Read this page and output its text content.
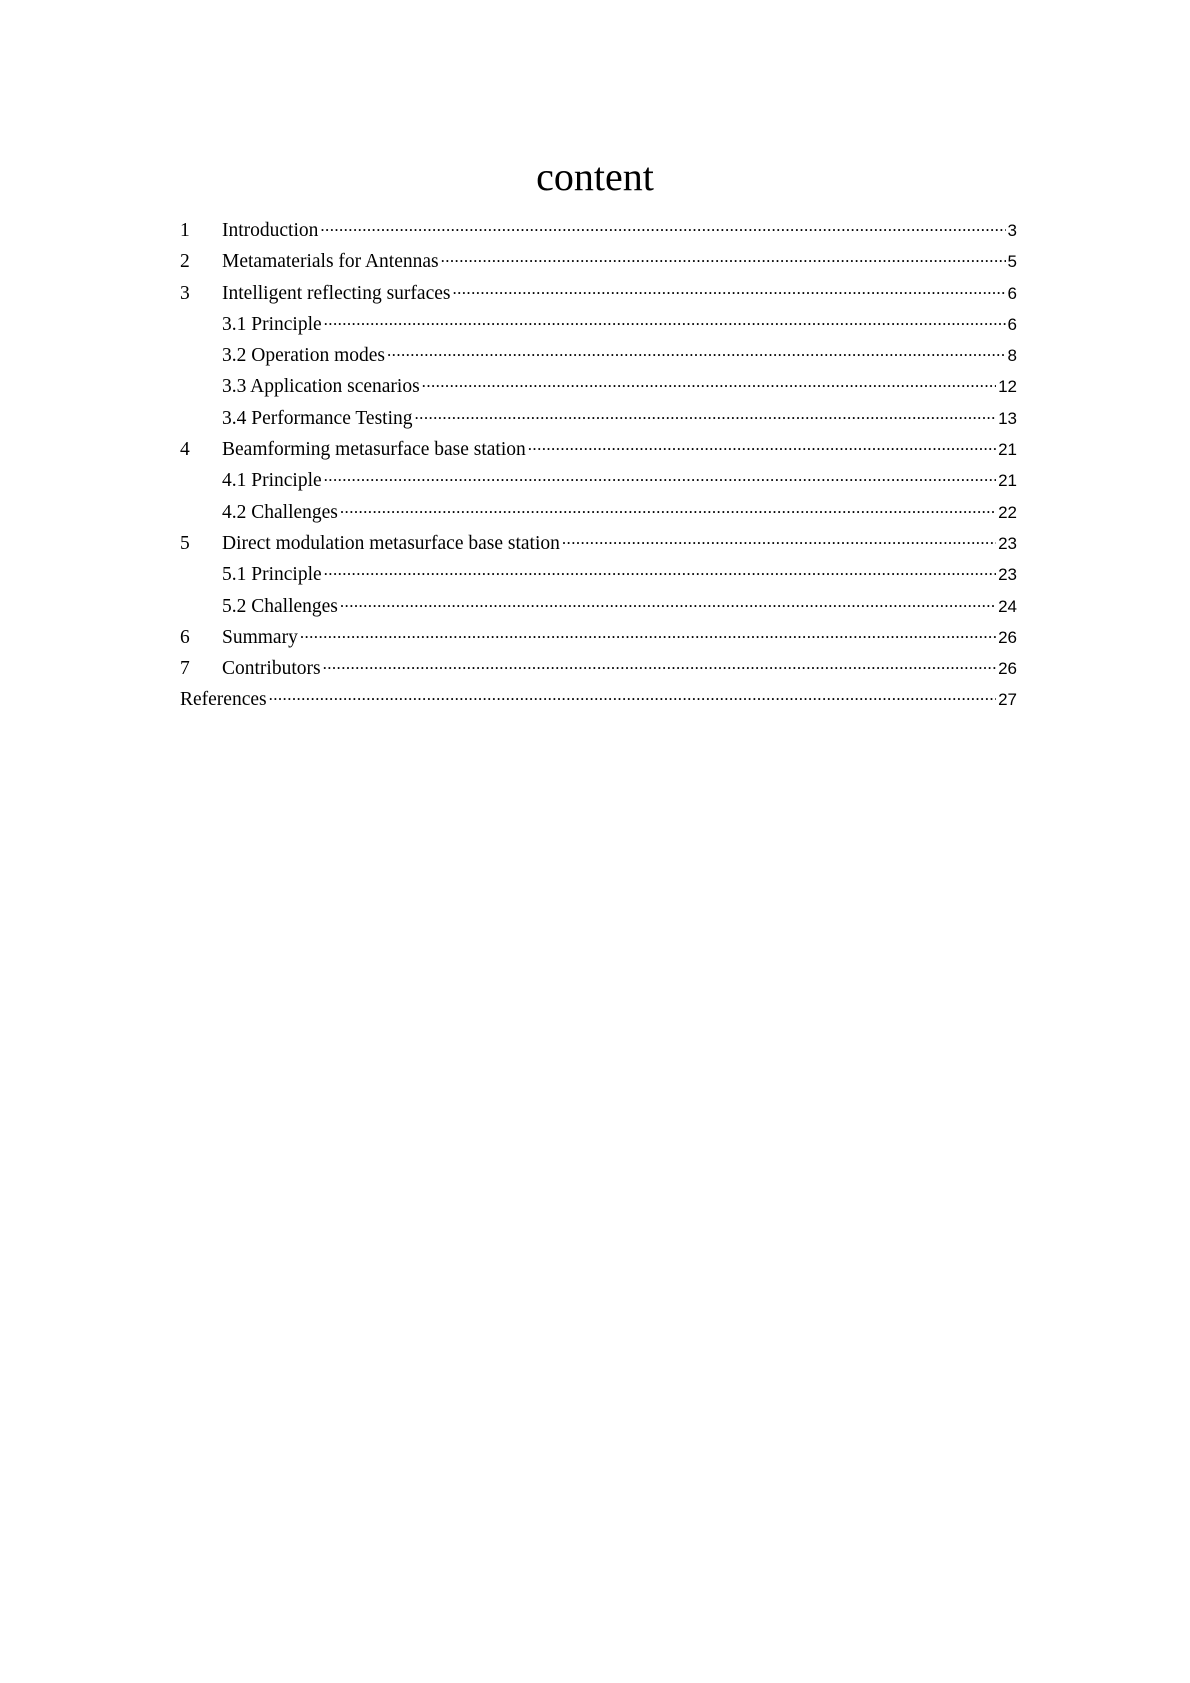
content
1	Introduction .....	3
2	Metamaterials for Antennas .....	5
3	Intelligent reflecting surfaces .....	6
3.1 Principle .....	6
3.2 Operation modes .....	8
3.3 Application scenarios .....	12
3.4 Performance Testing .....	13
4	Beamforming metasurface base station .....	21
4.1 Principle .....	21
4.2 Challenges .....	22
5	Direct modulation metasurface base station .....	23
5.1 Principle .....	23
5.2 Challenges .....	24
6	Summary .....	26
7	Contributors .....	26
References .....	27
